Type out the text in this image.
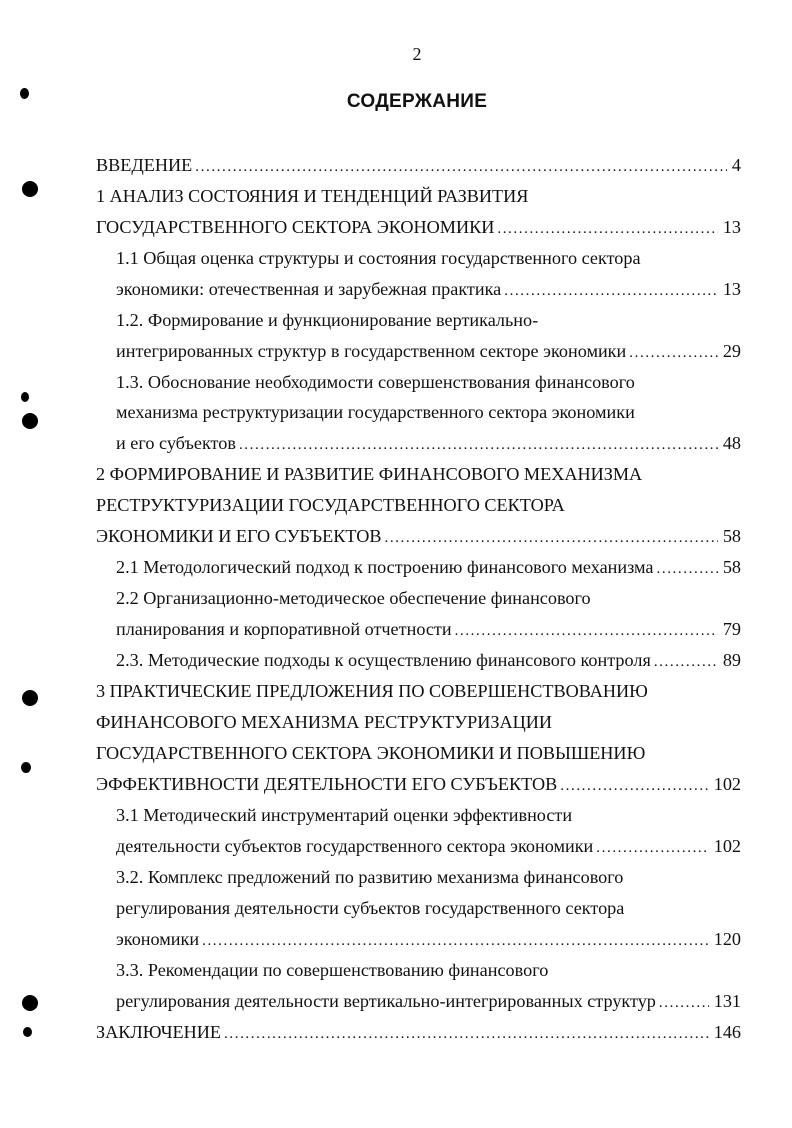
2
СОДЕРЖАНИЕ
ВВЕДЕНИЕ .....	4
1 АНАЛИЗ СОСТОЯНИЯ И ТЕНДЕНЦИЙ РАЗВИТИЯ
ГОСУДАРСТВЕННОГО СЕКТОРА ЭКОНОМИКИ .....	13
1.1 Общая оценка структуры и состояния государственного сектора
экономики: отечественная и зарубежная практика .....	13
1.2. Формирование и функционирование вертикально-
интегрированных структур в государственном секторе экономики .....	29
1.3. Обоснование необходимости совершенствования финансового
механизма реструктуризации государственного сектора экономики
и его субъектов .....	48
2 ФОРМИРОВАНИЕ И РАЗВИТИЕ ФИНАНСОВОГО МЕХАНИЗМА
РЕСТРУКТУРИЗАЦИИ ГОСУДАРСТВЕННОГО СЕКТОРА
ЭКОНОМИКИ И ЕГО СУБЪЕКТОВ .....	58
2.1 Методологический подход к построению финансового механизма .....	58
2.2 Организационно-методическое обеспечение финансового
планирования и корпоративной отчетности .....	79
2.3. Методические подходы к осуществлению финансового контроля .....	89
3 ПРАКТИЧЕСКИЕ ПРЕДЛОЖЕНИЯ ПО СОВЕРШЕНСТВОВАНИЮ
ФИНАНСОВОГО МЕХАНИЗМА РЕСТРУКТУРИЗАЦИИ
ГОСУДАРСТВЕННОГО СЕКТОРА ЭКОНОМИКИ И ПОВЫШЕНИЮ
ЭФФЕКТИВНОСТИ ДЕЯТЕЛЬНОСТИ ЕГО СУБЪЕКТОВ .....	102
3.1 Методический инструментарий оценки эффективности
деятельности субъектов государственного сектора экономики .....	102
3.2. Комплекс предложений по развитию механизма финансового
регулирования деятельности субъектов государственного сектора
экономики .....	120
3.3. Рекомендации по совершенствованию финансового
регулирования деятельности вертикально-интегрированных структур .....	131
ЗАКЛЮЧЕНИЕ .....	146
